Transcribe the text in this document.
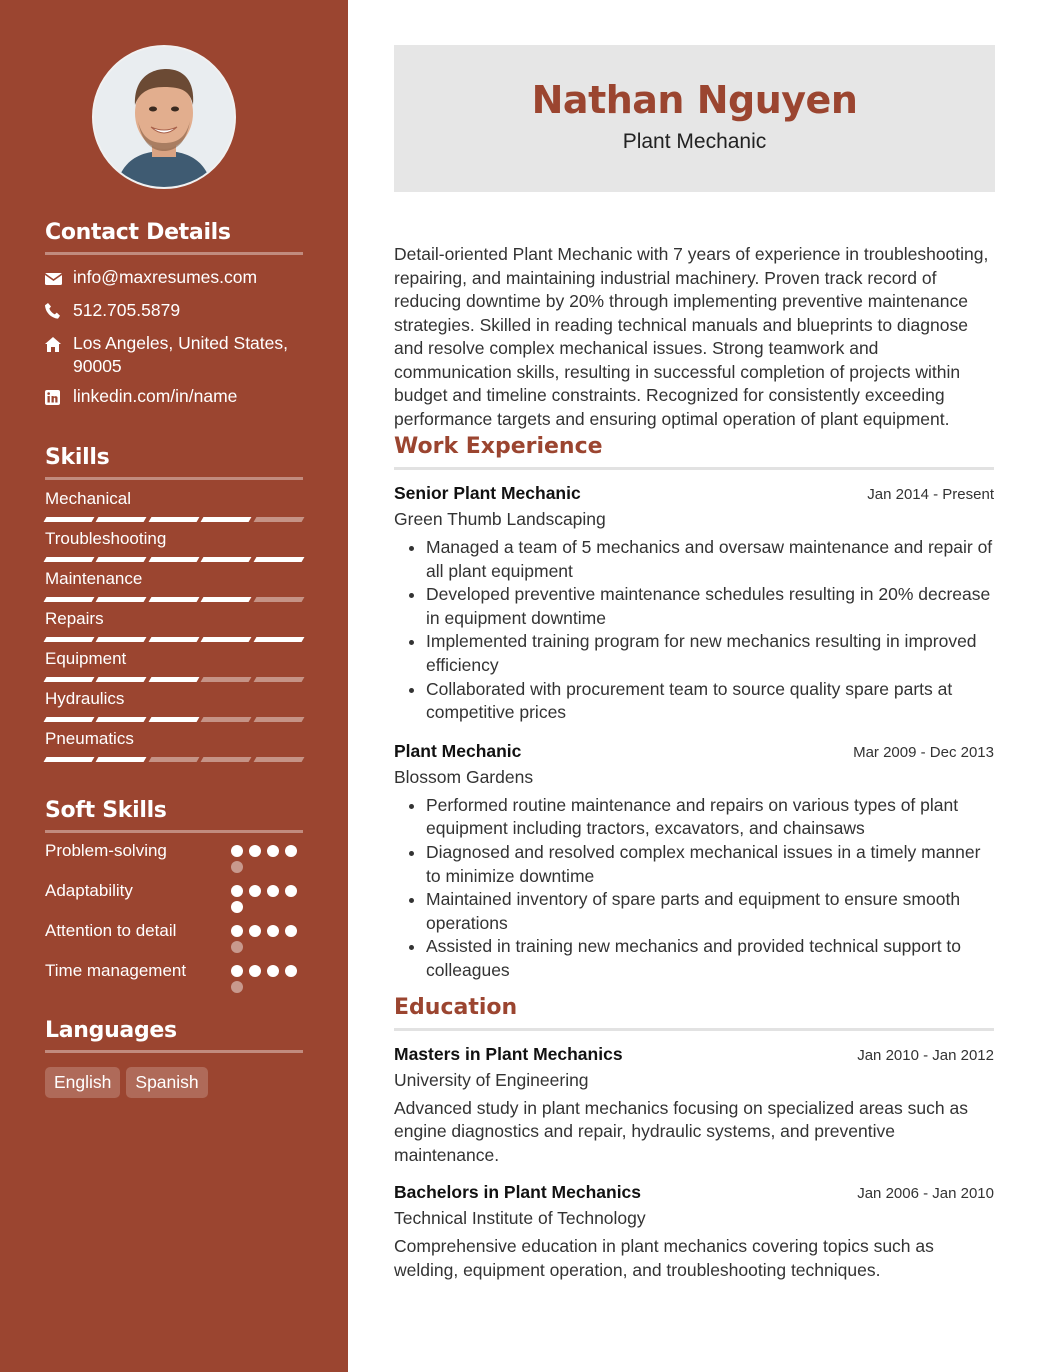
Contact Details
info@maxresumes.com
512.705.5879
Los Angeles, United States, 90005
linkedin.com/in/name
Skills
Mechanical
Troubleshooting
Maintenance
Repairs
Equipment
Hydraulics
Pneumatics
Soft Skills
Problem-solving
Adaptability
Attention to detail
Time management
Languages
English	Spanish
Nathan Nguyen
Plant Mechanic
Detail-oriented Plant Mechanic with 7 years of experience in troubleshooting, repairing, and maintaining industrial machinery. Proven track record of reducing downtime by 20% through implementing preventive maintenance strategies. Skilled in reading technical manuals and blueprints to diagnose and resolve complex mechanical issues. Strong teamwork and communication skills, resulting in successful completion of projects within budget and timeline constraints. Recognized for consistently exceeding performance targets and ensuring optimal operation of plant equipment.
Work Experience
Senior Plant Mechanic	Jan 2014 - Present
Green Thumb Landscaping
• Managed a team of 5 mechanics and oversaw maintenance and repair of all plant equipment
• Developed preventive maintenance schedules resulting in 20% decrease in equipment downtime
• Implemented training program for new mechanics resulting in improved efficiency
• Collaborated with procurement team to source quality spare parts at competitive prices
Plant Mechanic	Mar 2009 - Dec 2013
Blossom Gardens
• Performed routine maintenance and repairs on various types of plant equipment including tractors, excavators, and chainsaws
• Diagnosed and resolved complex mechanical issues in a timely manner to minimize downtime
• Maintained inventory of spare parts and equipment to ensure smooth operations
• Assisted in training new mechanics and provided technical support to colleagues
Education
Masters in Plant Mechanics	Jan 2010 - Jan 2012
University of Engineering
Advanced study in plant mechanics focusing on specialized areas such as engine diagnostics and repair, hydraulic systems, and preventive maintenance.
Bachelors in Plant Mechanics	Jan 2006 - Jan 2010
Technical Institute of Technology
Comprehensive education in plant mechanics covering topics such as welding, equipment operation, and troubleshooting techniques.
